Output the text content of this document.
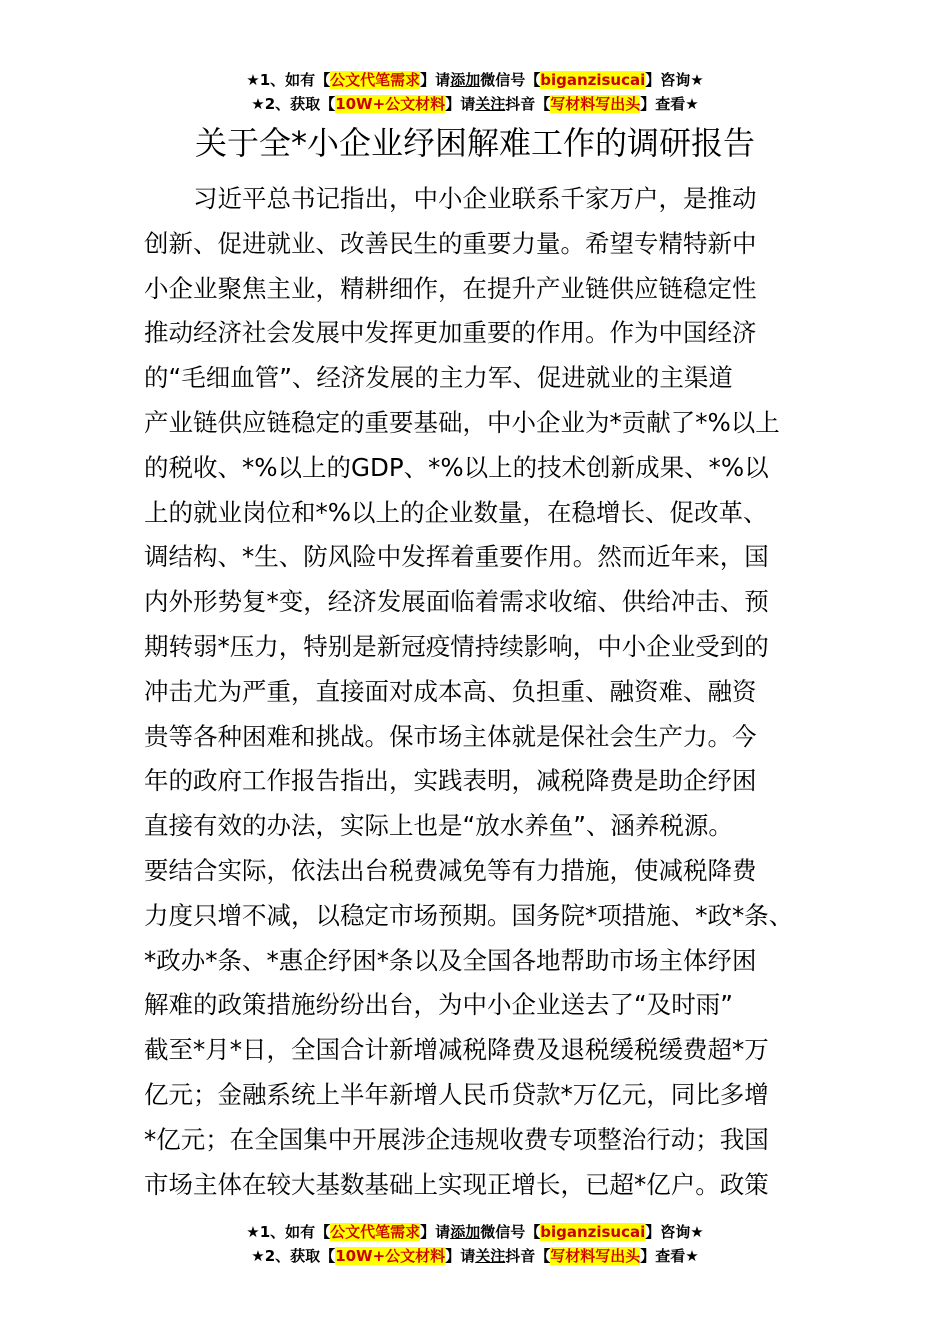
★1、如有【公文代笔需求】请添加微信号【biganzisucai】咨询★
★2、获取【10W+公文材料】请关注抖音【写材料写出头】查看★
关于全*小企业纾困解难工作的调研报告
习近平总书记指出，中小企业联系千家万户，是推动
创新、促进就业、改善民生的重要力量。希望专精特新中
小企业聚焦主业，精耕细作，在提升产业链供应链稳定性
推动经济社会发展中发挥更加重要的作用。作为中国经济
的“毛细血管”、经济发展的主力军、促进就业的主渠道
产业链供应链稳定的重要基础，中小企业为*贡献了*%以上
的税收、*%以上的GDP、*%以上的技术创新成果、*%以
上的就业岗位和*%以上的企业数量，在稳增长、促改革、
调结构、*生、防风险中发挥着重要作用。然而近年来，国
内外形势复*变，经济发展面临着需求收缩、供给冲击、预
期转弱*压力，特别是新冠疫情持续影响，中小企业受到的
冲击尤为严重，直接面对成本高、负担重、融资难、融资
贵等各种困难和挑战。保市场主体就是保社会生产力。今
年的政府工作报告指出，实践表明，减税降费是助企纾困
直接有效的办法，实际上也是“放水养鱼”、涵养税源。
要结合实际，依法出台税费减免等有力措施，使减税降费
力度只增不减，以稳定市场预期。国务院*项措施、*政*条、
*政办*条、*惠企纾困*条以及全国各地帮助市场主体纾困
解难的政策措施纷纷出台，为中小企业送去了“及时雨”
截至*月*日，全国合计新增减税降费及退税缓税缓费超*万
亿元；金融系统上半年新增人民币贷款*万亿元，同比多增
*亿元；在全国集中开展涉企违规收费专项整治行动；我国
市场主体在较大基数基础上实现正增长，已超*亿户。政策
★1、如有【公文代笔需求】请添加微信号【biganzisucai】咨询★
★2、获取【10W+公文材料】请关注抖音【写材料写出头】查看★
